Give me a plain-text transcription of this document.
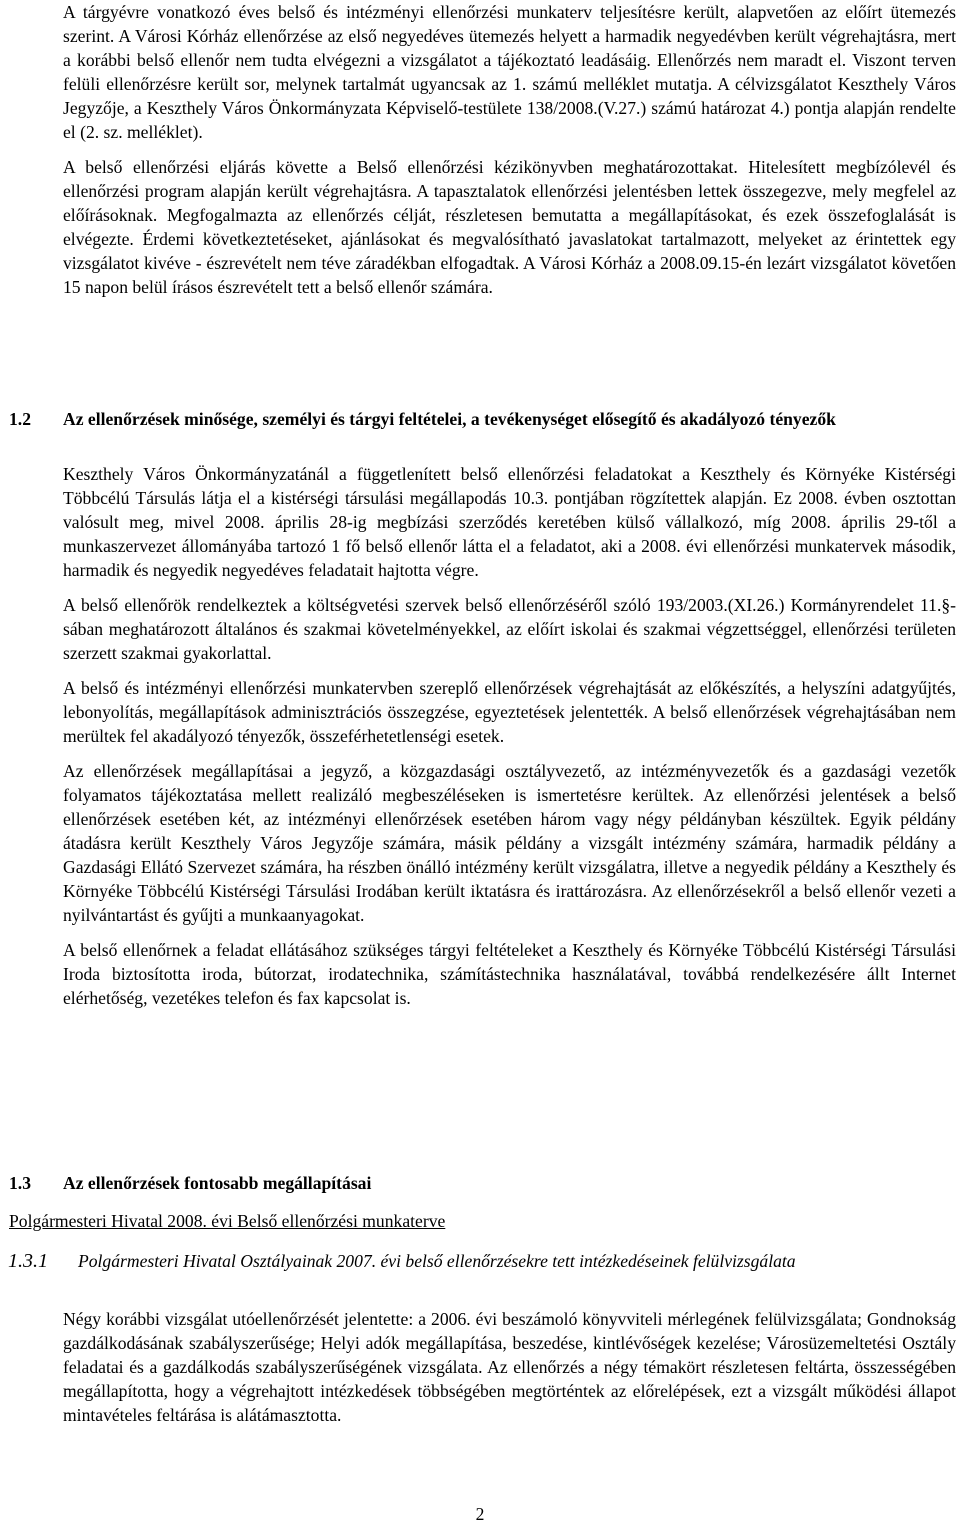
A tárgyévre vonatkozó éves belső és intézményi ellenőrzési munkaterv teljesítésre került, alapvetően az előírt ütemezés szerint. A Városi Kórház ellenőrzése az első negyedéves ütemezés helyett a harmadik negyedévben került végrehajtásra, mert a korábbi belső ellenőr nem tudta elvégezni a vizsgálatot a tájékoztató leadásáig. Ellenőrzés nem maradt el. Viszont terven felüli ellenőrzésre került sor, melynek tartalmát ugyancsak az 1. számú melléklet mutatja. A célvizsgálatot Keszthely Város Jegyzője, a Keszthely Város Önkormányzata Képviselő-testülete 138/2008.(V.27.) számú határozat 4.) pontja alapján rendelte el (2. sz. melléklet).

A belső ellenőrzési eljárás követte a Belső ellenőrzési kézikönyvben meghatározottakat. Hitelesített megbízólevél és ellenőrzési program alapján került végrehajtásra. A tapasztalatok ellenőrzési jelentésben lettek összegezve, mely megfelel az előírásoknak. Megfogalmazta az ellenőrzés célját, részletesen bemutatta a megállapításokat, és ezek összefoglalását is elvégezte. Érdemi következtetéseket, ajánlásokat és megvalósítható javaslatokat tartalmazott, melyeket az érintettek egy vizsgálatot kivéve - észrevételt nem téve záradékban elfogadtak. A Városi Kórház a 2008.09.15-én lezárt vizsgálatot követően 15 napon belül írásos észrevételt tett a belső ellenőr számára.

1.2 Az ellenőrzések minősége, személyi és tárgyi feltételei, a tevékenységet elősegítő és akadályozó tényezők

Keszthely Város Önkormányzatánál a függetlenített belső ellenőrzési feladatokat a Keszthely és Környéke Kistérségi Többcélú Társulás látja el a kistérségi társulási megállapodás 10.3. pontjában rögzítettek alapján. Ez 2008. évben osztottan valósult meg, mivel 2008. április 28-ig megbízási szerződés keretében külső vállalkozó, míg 2008. április 29-től a munkaszervezet állományába tartozó 1 fő belső ellenőr látta el a feladatot, aki a 2008. évi ellenőrzési munkatervek második, harmadik és negyedik negyedéves feladatait hajtotta végre.

A belső ellenőrök rendelkeztek a költségvetési szervek belső ellenőrzéséről szóló 193/2003.(XI.26.) Kormányrendelet 11.§-sában meghatározott általános és szakmai követelményekkel, az előírt iskolai és szakmai végzettséggel, ellenőrzési területen szerzett szakmai gyakorlattal.

A belső és intézményi ellenőrzési munkatervben szereplő ellenőrzések végrehajtását az előkészítés, a helyszíni adatgyűjtés, lebonyolítás, megállapítások adminisztrációs összegzése, egyeztetések jelentették. A belső ellenőrzések végrehajtásában nem merültek fel akadályozó tényezők, összeférhetetlenségi esetek.

Az ellenőrzések megállapításai a jegyző, a közgazdasági osztályvezető, az intézményvezetők és a gazdasági vezetők folyamatos tájékoztatása mellett realizáló megbeszéléseken is ismertetésre kerültek. Az ellenőrzési jelentések a belső ellenőrzések esetében két, az intézményi ellenőrzések esetében három vagy négy példányban készültek. Egyik példány átadásra került Keszthely Város Jegyzője számára, másik példány a vizsgált intézmény számára, harmadik példány a Gazdasági Ellátó Szervezet számára, ha részben önálló intézmény került vizsgálatra, illetve a negyedik példány a Keszthely és Környéke Többcélú Kistérségi Társulási Irodában került iktatásra és irattározásra. Az ellenőrzésekről a belső ellenőr vezeti a nyilvántartást és gyűjti a munkaanyagokat.

A belső ellenőrnek a feladat ellátásához szükséges tárgyi feltételeket a Keszthely és Környéke Többcélú Kistérségi Társulási Iroda biztosította iroda, bútorzat, irodatechnika, számítástechnika használatával, továbbá rendelkezésére állt Internet elérhetőség, vezetékes telefon és fax kapcsolat is.

1.3 Az ellenőrzések fontosabb megállapításai
Polgármesteri Hivatal 2008. évi Belső ellenőrzési munkaterve
1.3.1 Polgármesteri Hivatal Osztályainak 2007. évi belső ellenőrzésekre tett intézkedéseinek felülvizsgálata

Négy korábbi vizsgálat utóellenőrzését jelentette: a 2006. évi beszámoló könyvviteli mérlegének felülvizsgálata; Gondnokság gazdálkodásának szabályszerűsége; Helyi adók megállapítása, beszedése, kintlévőségek kezelése; Városüzemeltetési Osztály feladatai és a gazdálkodás szabályszerűségének vizsgálata. Az ellenőrzés a négy témakört részletesen feltárta, összességében megállapította, hogy a végrehajtott intézkedések többségében megtörténtek az előrelépések, ezt a vizsgált működési állapot mintavételes feltárása is alátámasztotta.

2
